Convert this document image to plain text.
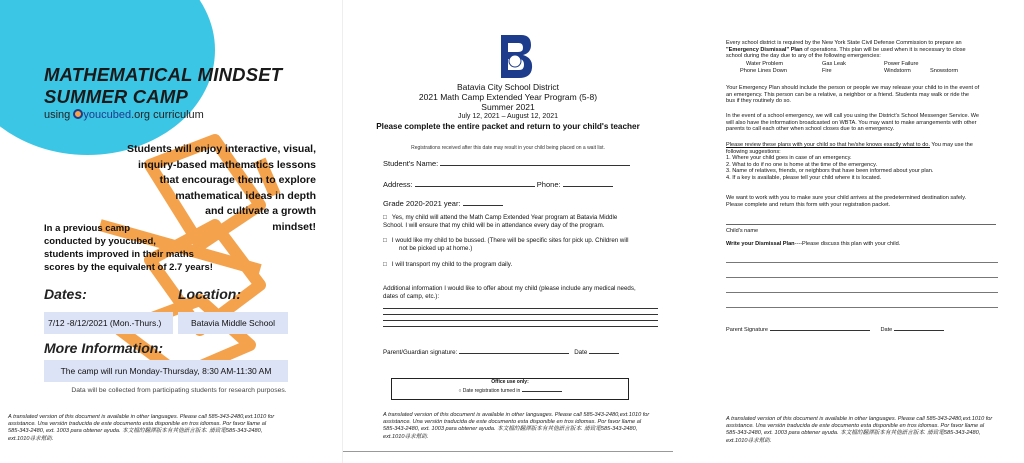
MATHEMATICAL MINDSET
SUMMER CAMP
using youcubed.org curriculum
Students will enjoy interactive, visual,
inquiry-based mathematics lessons
that encourage them to explore
mathematical ideas in depth
and cultivate a growth
mindset!
In a previous camp
conducted by youcubed,
students improved in their maths
scores by the equivalent of 2.7 years!
Dates:	Location:
7/12 -8/12/2021 (Mon.-Thurs.)	Batavia Middle School
More Information:
The camp will run Monday-Thursday, 8:30 AM-11:30 AM
Data will be collected from participating students for research purposes.
A translated version of this document is available in other languages. Please call 585-343-2480,ext.1010 for
assistance. Una versión traducida de este documento esta disponible en tros idiomas. Por favor llame al
585-343-2480, ext. 1003 para obtener ayuda. 本文檔的翻譯版本有其他語言版本. 請致電585-343-2480,
ext.1010尋求幫助.
Batavia City School District
2021 Math Camp Extended Year Program (5-8)
Summer 2021
July 12, 2021 – August 12, 2021
Please complete the entire packet and return to your child's teacher
Registrations received after this date may result in your child being placed on a wait list.
Student's Name:
Address:	Phone:
Grade 2020-2021 year:
□ Yes, my child will attend the Math Camp Extended Year program at Batavia Middle
School. I will ensure that my child will be in attendance every day of the program.
□ I would like my child to be bussed. (There will be specific sites for pick up. Children will
not be picked up at home.)
□ I will transport my child to the program daily.
Additional information I would like to offer about my child (please include any medical needs,
dates of camp, etc.):
Parent/Guardian signature:	Date
Office use only:
○ Date registration turned in
A translated version of this document is available in other languages. Please call 585-343-2480,ext.1010 for
assistance. Una versión traducida de este documento esta disponible en tros idiomas. Por favor llame al
585-343-2480, ext. 1003 para obtener ayuda. 本文檔的翻譯版本有其他語言版本. 請致電585-343-2480,
ext.1010尋求幫助.
Every school district is required by the New York State Civil Defense Commission to prepare an
"Emergency Dismissal" Plan of operations. This plan will be used when it is necessary to close
school during the day due to any of the following emergencies:
Water Problem	Gas Leak	Power Failure
Phone Lines Down	Fire	Windstorm	Snowstorm
Your Emergency Plan should include the person or people we may release your child to in the event of
an emergency. This person can be a relative, a neighbor or a friend. Students may walk or ride the
bus if they routinely do so.
In the event of a school emergency, we will call you using the District's School Messenger Service. We
will also have the information broadcasted on WBTA. You may want to make arrangements with other
parents to call each other when school closes due to an emergency.
Please review these plans with your child so that he/she knows exactly what to do. You may use the
following suggestions:
1. Where your child goes in case of an emergency.
2. What to do if no one is home at the time of the emergency.
3. Name of relatives, friends, or neighbors that have been informed about your plan.
4. If a key is available, please tell your child where it is located.
We want to work with you to make sure your child arrives at the predetermined destination safely.
Please complete and return this form with your registration packet.
Child's name
Write your Dismissal Plan----Please discuss this plan with your child.
Parent Signature	Date
A translated version of this document is available in other languages. Please call 585-343-2480,ext.1010 for
assistance. Una versión traducida de este documento esta disponible en tros idiomas. Por favor llame al
585-343-2480, ext. 1003 para obtener ayuda. 本文檔的翻譯版本有其他語言版本. 請致電585-343-2480,
ext.1010尋求幫助.
